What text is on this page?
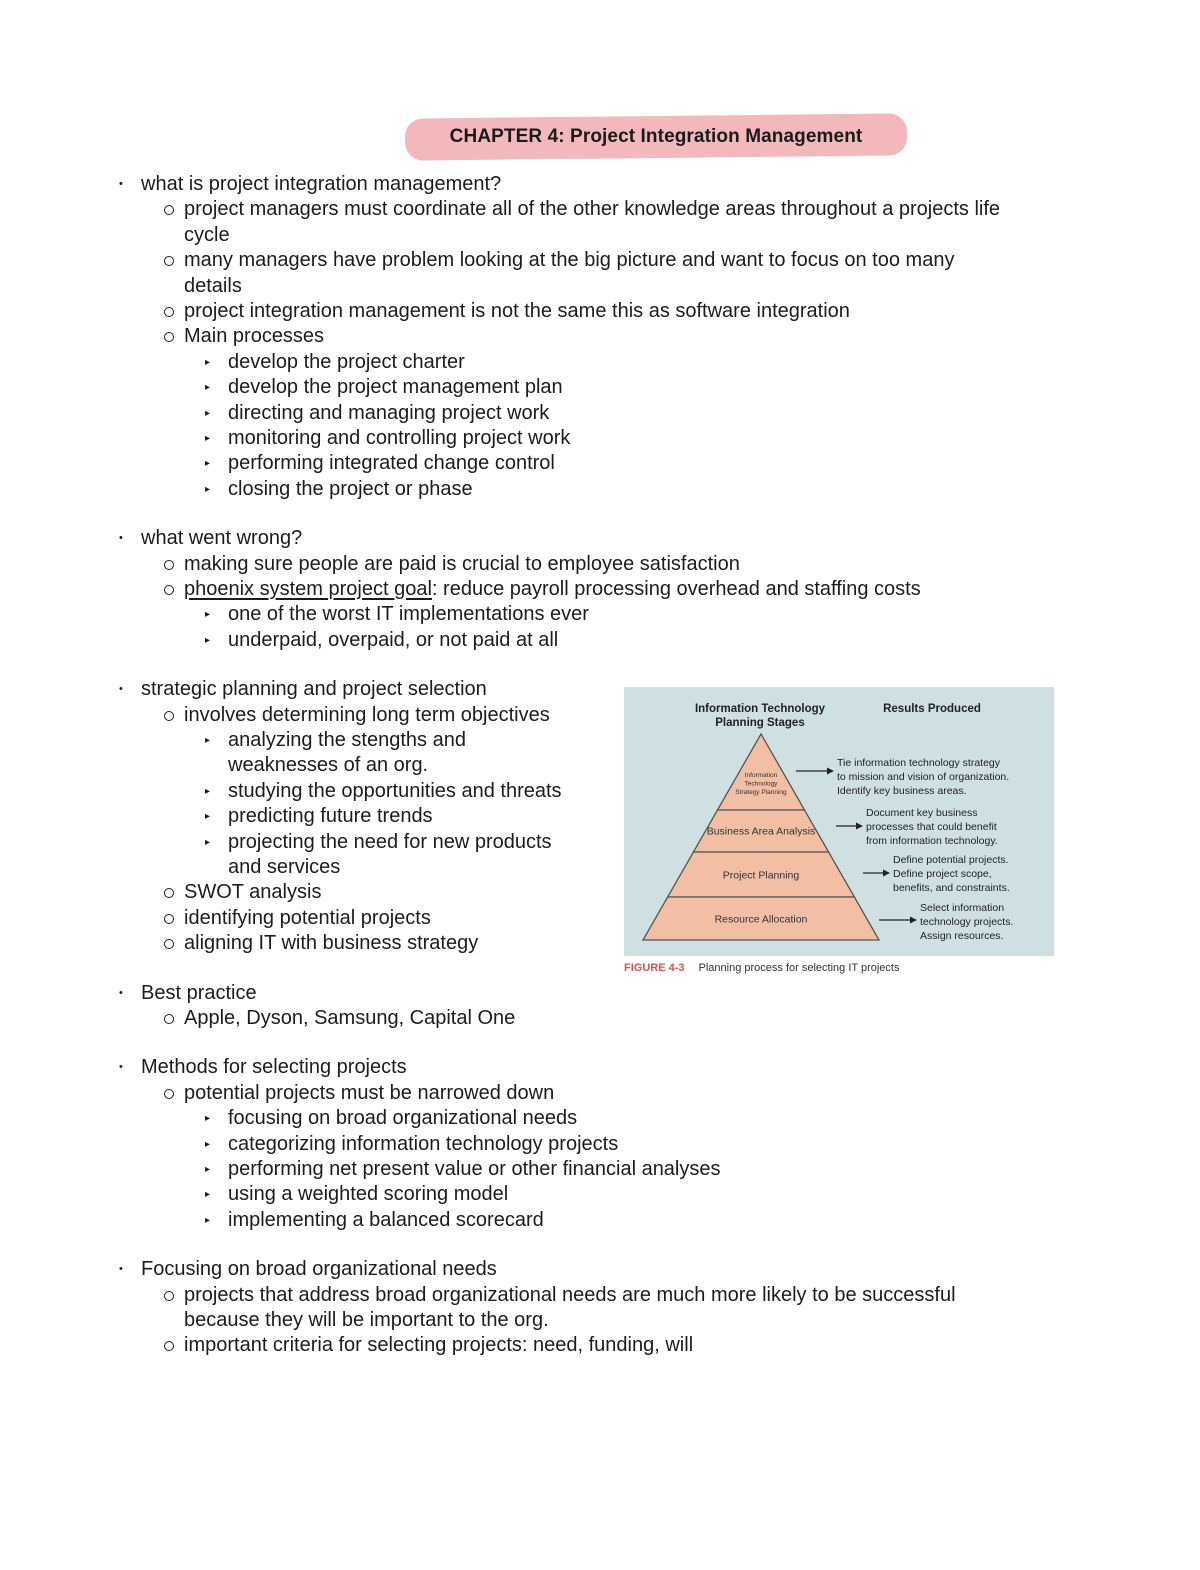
CHAPTER 4: Project Integration Management
• what is project integration management?
project managers must coordinate all of the other knowledge areas throughout a projects life
cycle
many managers have problem looking at the big picture and want to focus on too many
details
project integration management is not the same this as software integration
Main processes
▸ develop the project charter
▸ develop the project management plan
▸ directing and managing project work
▸ monitoring and controlling project work
▸ performing integrated change control
▸ closing the project or phase
• what went wrong?
making sure people are paid is crucial to employee satisfaction
phoenix system project goal: reduce payroll processing overhead and staffing costs
▸ one of the worst IT implementations ever
▸ underpaid, overpaid, or not paid at all
• strategic planning and project selection
involves determining long term objectives
▸ analyzing the stengths and
weaknesses of an org.
▸ studying the opportunities and threats
▸ predicting future trends
▸ projecting the need for new products
and services
SWOT analysis
identifying potential projects
aligning IT with business strategy
• Best practice
Apple, Dyson, Samsung, Capital One
• Methods for selecting projects
potential projects must be narrowed down
▸ focusing on broad organizational needs
▸ categorizing information technology projects
▸ performing net present value or other financial analyses
▸ using a weighted scoring model
▸ implementing a balanced scorecard
• Focusing on broad organizational needs
projects that address broad organizational needs are much more likely to be successful
because they will be important to the org.
important criteria for selecting projects: need, funding, will
Information Technology
Planning Stages
Results Produced
Information
Technology
Strategy Planning
Business Area Analysis
Project Planning
Resource Allocation
Tie information technology strategy
to mission and vision of organization.
Identify key business areas.
Document key business
processes that could benefit
from information technology.
Define potential projects.
Define project scope,
benefits, and constraints.
Select information
technology projects.
Assign resources.
FIGURE 4-3 Planning process for selecting IT projects
